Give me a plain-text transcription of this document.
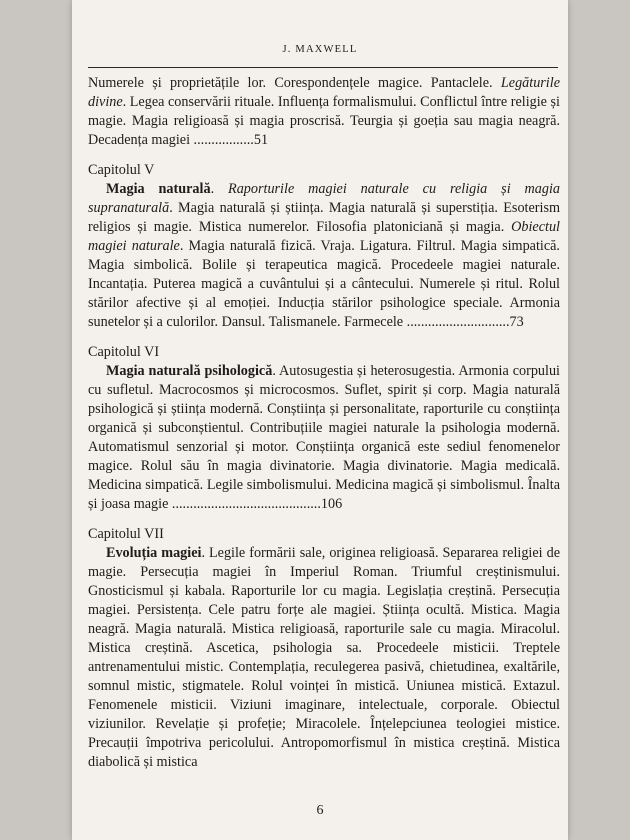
J. MAXWELL

Numerele și proprietățile lor. Corespondențele magice. Pantaclele. Legăturile divine. Legea conservării rituale. Influența formalismului. Conflictul între religie și magie. Magia religioasă și magia proscrisă. Teurgia și goeția sau magia neagră. Decadența magiei .................51

Capitolul V

Magia naturală. Raporturile magiei naturale cu religia și magia supranaturală. Magia naturală și știința. Magia naturală și superstiția. Esoterism religios și magie. Mistica numerelor. Filosofia platoniciană și magia. Obiectul magiei naturale. Magia naturală fizică. Vraja. Ligatura. Filtrul. Magia simpatică. Magia simbolică. Bolile și terapeutica magică. Procedeele magiei naturale. Incantația. Puterea magică a cuvântului și a cântecului. Numerele și ritul. Rolul stărilor afective și al emoției. Inducția stărilor psihologice speciale. Armonia sunetelor și a culorilor. Dansul. Talismanele. Farmecele .............................73

Capitolul VI

Magia naturală psihologică. Autosugestia și heterosugestia. Armonia corpului cu sufletul. Macrocosmos și microcosmos. Suflet, spirit și corp. Magia naturală psihologică și știința modernă. Conștiința și personalitate, raporturile cu conștiința organică și subconștientul. Contribuțiile magiei naturale la psihologia modernă. Automatismul senzorial și motor. Conștiința organică este sediul fenomenelor magice. Rolul său în magia divinatorie. Magia divinatorie. Magia medicală. Medicina simpatică. Legile simbolismului. Medicina magică și simbolismul. Înalta și joasa magie ..........................................106

Capitolul VII

Evoluția magiei. Legile formării sale, originea religioasă. Separarea religiei de magie. Persecuția magiei în Imperiul Roman. Triumful creștinismului. Gnosticismul și kabala. Raporturile lor cu magia. Legislația creștină. Persecuția magiei. Persistența. Cele patru forțe ale magiei. Știința ocultă. Mistica. Magia neagră. Magia naturală. Mistica religioasă, raporturile sale cu magia. Miracolul. Mistica creștină. Ascetica, psihologia sa. Procedeele misticii. Treptele antrenamentului mistic. Contemplația, reculegerea pasivă, chietudinea, exaltările, somnul mistic, stigmatele. Rolul voinței în mistică. Uniunea mistică. Extazul. Fenomenele misticii. Viziuni imaginare, intelectuale, corporale. Obiectul viziunilor. Revelație și profeție; Miracolele. Înțelepciunea teologiei mistice. Precauții împotriva pericolului. Antropomorfismul în mistica creștină. Mistica diabolică și mistica

6
